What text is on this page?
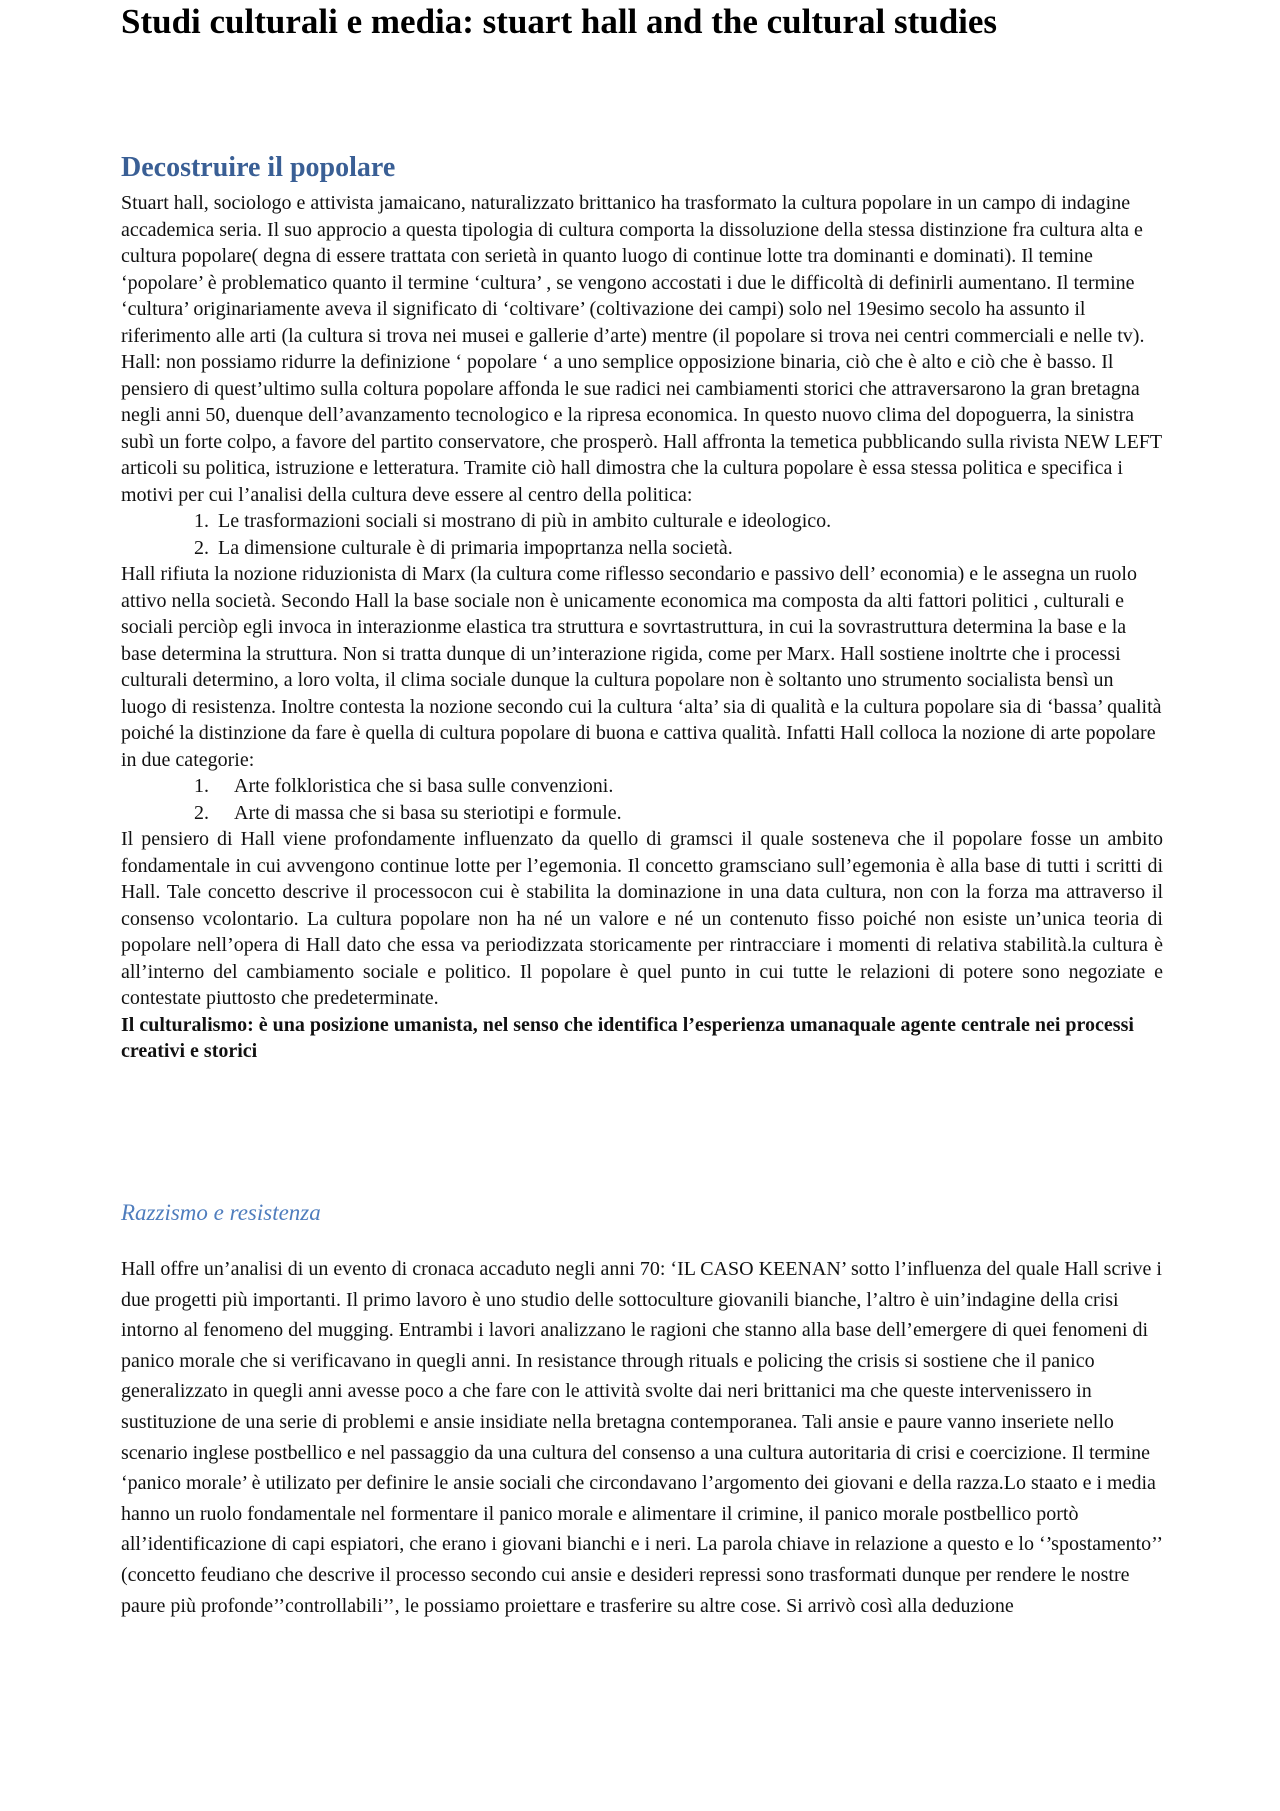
Studi culturali e media: stuart hall and the cultural studies
Decostruire il popolare

Stuart hall, sociologo e attivista jamaicano, naturalizzato brittanico ha trasformato la cultura popolare in un campo di indagine accademica seria. Il suo approcio a questa tipologia di cultura comporta la dissoluzione della stessa distinzione fra cultura alta e cultura popolare( degna di essere trattata con serietà in quanto luogo di continue lotte tra dominanti e dominati). Il temine ‘popolare’ è problematico quanto il termine ‘cultura’ , se vengono accostati i due le difficoltà di definirli aumentano. Il termine ‘cultura’ originariamente aveva il significato di ‘coltivare’ (coltivazione dei campi) solo nel 19esimo secolo ha assunto il riferimento alle arti (la cultura si trova nei musei e gallerie d’arte) mentre (il popolare si trova nei centri commerciali e nelle tv). Hall: non possiamo ridurre la definizione ‘ popolare ‘ a uno semplice opposizione binaria, ciò che è alto e ciò che è basso. Il pensiero di quest’ultimo sulla coltura popolare affonda le sue radici nei cambiamenti storici che attraversarono la gran bretagna negli anni 50, duenque dell’avanzamento tecnologico e la ripresa economica. In questo nuovo clima del dopoguerra, la sinistra subì un forte colpo, a favore del partito conservatore, che prosperò. Hall affronta la temetica pubblicando sulla rivista NEW LEFT articoli su politica, istruzione e letteratura. Tramite ciò hall dimostra che la cultura popolare è essa stessa politica e specifica i motivi per cui l’analisi della cultura deve essere al centro della politica:

1. Le trasformazioni sociali si mostrano di più in ambito culturale e ideologico.
2. La dimensione culturale è di primaria impoprtanza nella società.

Hall rifiuta la nozione riduzionista di Marx (la cultura come riflesso secondario e passivo dell’ economia) e le assegna un ruolo attivo nella società. Secondo Hall la base sociale non è unicamente economica ma composta da alti fattori politici , culturali e sociali perciòp egli invoca in interazionme elastica tra struttura e sovrtastruttura, in cui la sovrastruttura determina la base e la base determina la struttura. Non si tratta dunque di un’interazione rigida, come per Marx. Hall sostiene inoltrte che i processi culturali determino, a loro volta, il clima sociale dunque la cultura popolare non è soltanto uno strumento socialista bensì un luogo di resistenza. Inoltre contesta la nozione secondo cui la cultura ‘alta’ sia di qualità e la cultura popolare sia di ‘bassa’ qualità poiché la distinzione da fare è quella di cultura popolare di buona e cattiva qualità. Infatti Hall colloca la nozione di arte popolare in due categorie:

1. Arte folkloristica che si basa sulle convenzioni.
2. Arte di massa che si basa su steriotipi e formule.

Il pensiero di Hall viene profondamente influenzato da quello di gramsci il quale sosteneva che il popolare fosse un ambito fondamentale in cui avvengono continue lotte per l’egemonia. Il concetto gramsciano sull’egemonia è alla base di tutti i scritti di Hall. Tale concetto descrive il processocon cui è stabilita la dominazione in una data cultura, non con la forza ma attraverso il consenso vcolontario. La cultura popolare non ha né un valore e né un contenuto fisso poiché non esiste un’unica teoria di popolare nell’opera di Hall dato che essa va periodizzata storicamente per rintracciare i momenti di relativa stabilità.la cultura è all’interno del cambiamento sociale e politico. Il popolare è quel punto in cui tutte le relazioni di potere sono negoziate e contestate piuttosto che predeterminate.

Il culturalismo: è una posizione umanista, nel senso che identifica l’esperienza umanaquale agente centrale nei processi creativi e storici

Razzismo e resistenza

Hall offre un’analisi di un evento di cronaca accaduto negli anni 70: ‘IL CASO KEENAN’ sotto l’influenza del quale Hall scrive i due progetti più importanti. Il primo lavoro è uno studio delle sottoculture giovanili bianche, l’altro è uin’indagine della crisi intorno al fenomeno del mugging. Entrambi i lavori analizzano le ragioni che stanno alla base dell’emergere di quei fenomeni di panico morale che si verificavano in quegli anni. In resistance through rituals e policing the crisis si sostiene che il panico generalizzato in quegli anni avesse poco a che fare con le attività svolte dai neri brittanici ma che queste intervenissero in sustituzione de una serie di problemi e ansie insidiate nella bretagna contemporanea. Tali ansie e paure vanno inseriete nello scenario inglese postbellico e nel passaggio da una cultura del consenso a una cultura autoritaria di crisi e coercizione. Il termine ‘panico morale’ è utilizato per definire le ansie sociali che circondavano l’argomento dei giovani e della razza.Lo staato e i media hanno un ruolo fondamentale nel formentare il panico morale e alimentare il crimine, il panico morale postbellico portò all’identificazione di capi espiatori, che erano i giovani bianchi e i neri. La parola chiave in relazione a questo e lo ‘’spostamento’’ (concetto feudiano che descrive il processo secondo cui ansie e desideri repressi sono trasformati dunque per rendere le nostre paure più profonde’’controllabili’’, le possiamo proiettare e trasferire su altre cose. Si arrivò così alla deduzione
